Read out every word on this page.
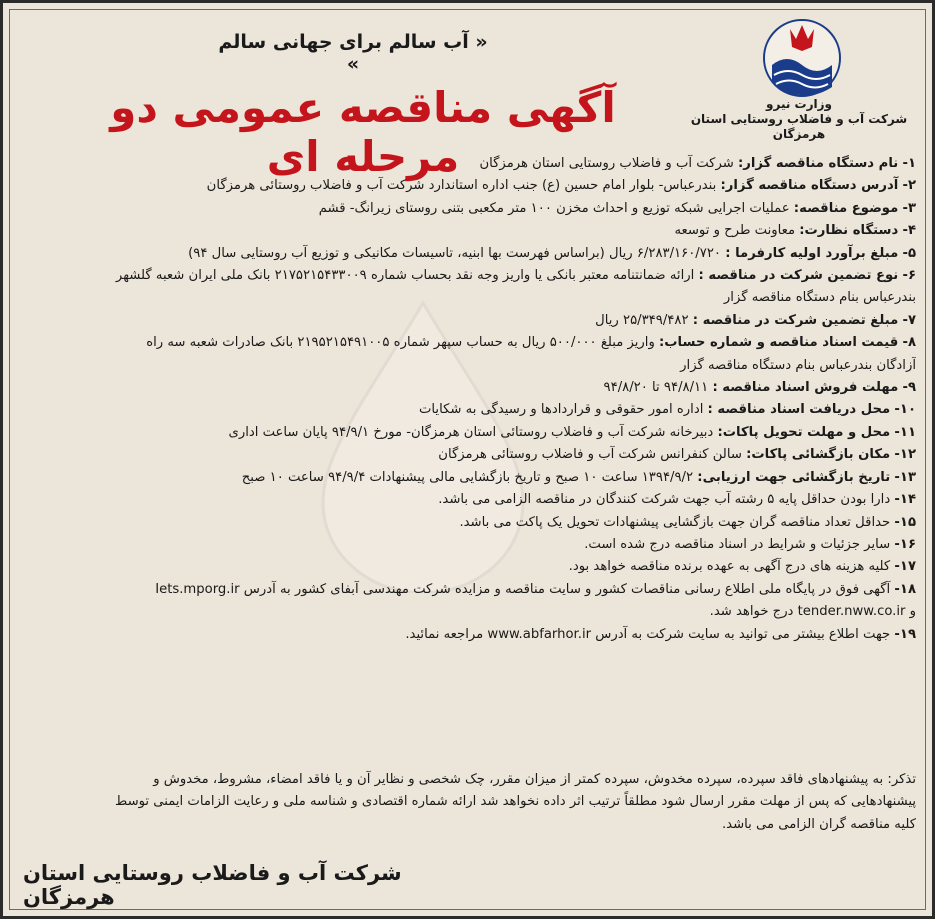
وزارت نیرو
شرکت آب و فاضلاب روستایی استان هرمزگان
« آب سالم برای جهانی سالم »
آگهی مناقصه عمومی دو مرحله ای	۱- نام دستگاه مناقصه گزار: شرکت آب و فاضلاب روستایی استان هرمزگان
۲- آدرس دستگاه مناقصه گزار: بندرعباس- بلوار امام حسین (ع) جنب اداره استاندارد شرکت آب و فاضلاب روستائی هرمزگان
۳- موضوع مناقصه: عملیات اجرایی شبکه توزیع و احداث مخزن ۱۰۰ متر مکعبی بتنی روستای زیرانگ- قشم
۴- دستگاه نظارت: معاونت طرح و توسعه
۵- مبلغ برآورد اولیه کارفرما : ۶/۲۸۳/۱۶۰/۷۲۰ ریال (براساس فهرست بها ابنیه، تاسیسات مکانیکی و توزیع آب روستایی سال ۹۴)
۶- نوع تضمین شرکت در مناقصه : ارائه ضمانتنامه معتبر بانکی یا واریز وجه نقد بحساب شماره ۲۱۷۵۲۱۵۴۳۳۰۰۹ بانک ملی ایران شعبه گلشهر
بندرعباس بنام دستگاه مناقصه گزار
۷- مبلغ تضمین شرکت در مناقصه : ۲۵/۳۴۹/۴۸۲ ریال
۸- قیمت اسناد مناقصه و شماره حساب: واریز مبلغ ۵۰۰/۰۰۰ ریال به حساب سپهر شماره ۲۱۹۵۲۱۵۴۹۱۰۰۵ بانک صادرات شعبه سه راه
آزادگان بندرعباس بنام دستگاه مناقصه گزار
۹- مهلت فروش اسناد مناقصه : ۹۴/۸/۱۱ تا ۹۴/۸/۲۰
۱۰- محل دریافت اسناد مناقصه : اداره امور حقوقی و قراردادها و رسیدگی به شکایات
۱۱- محل و مهلت تحویل پاکات: دبیرخانه شرکت آب و فاضلاب روستائی استان هرمزگان- مورخ ۹۴/۹/۱ پایان ساعت اداری
۱۲- مکان بازگشائی پاکات: سالن کنفرانس شرکت آب و فاضلاب روستائی هرمزگان
۱۳- تاریخ بازگشائی جهت ارزیابی: ۱۳۹۴/۹/۲ ساعت ۱۰ صبح و تاریخ بازگشایی مالی پیشنهادات ۹۴/۹/۴ ساعت ۱۰ صبح
۱۴- دارا بودن حداقل پایه ۵ رشته آب جهت شرکت کنندگان در مناقصه الزامی می باشد.
۱۵- حداقل تعداد مناقصه گران جهت بازگشایی پیشنهادات تحویل یک پاکت می باشد.
۱۶- سایر جزئیات و شرایط در اسناد مناقصه درج شده است.
۱۷- کلیه هزینه های درج آگهی به عهده برنده مناقصه خواهد بود.
۱۸- آگهی فوق در پایگاه ملی اطلاع رسانی مناقصات کشور و سایت مناقصه و مزایده شرکت مهندسی آبفای کشور به آدرس Iets.mporg.ir
و tender.nww.co.ir درج خواهد شد.
۱۹- جهت اطلاع بیشتر می توانید به سایت شرکت به آدرس www.abfarhor.ir مراجعه نمائید.
تذکر: به پیشنهادهای فاقد سپرده، سپرده مخدوش، سپرده کمتر از میزان مقرر، چک شخصی و نظایر آن و یا فاقد امضاء، مشروط، مخدوش و
پیشنهادهایی که پس از مهلت مقرر ارسال شود مطلقاً ترتیب اثر داده نخواهد شد ارائه شماره اقتصادی و شناسه ملی و رعایت الزامات ایمنی توسط
کلیه مناقصه گران الزامی می باشد.
شرکت آب و فاضلاب روستایی استان هرمزگان
